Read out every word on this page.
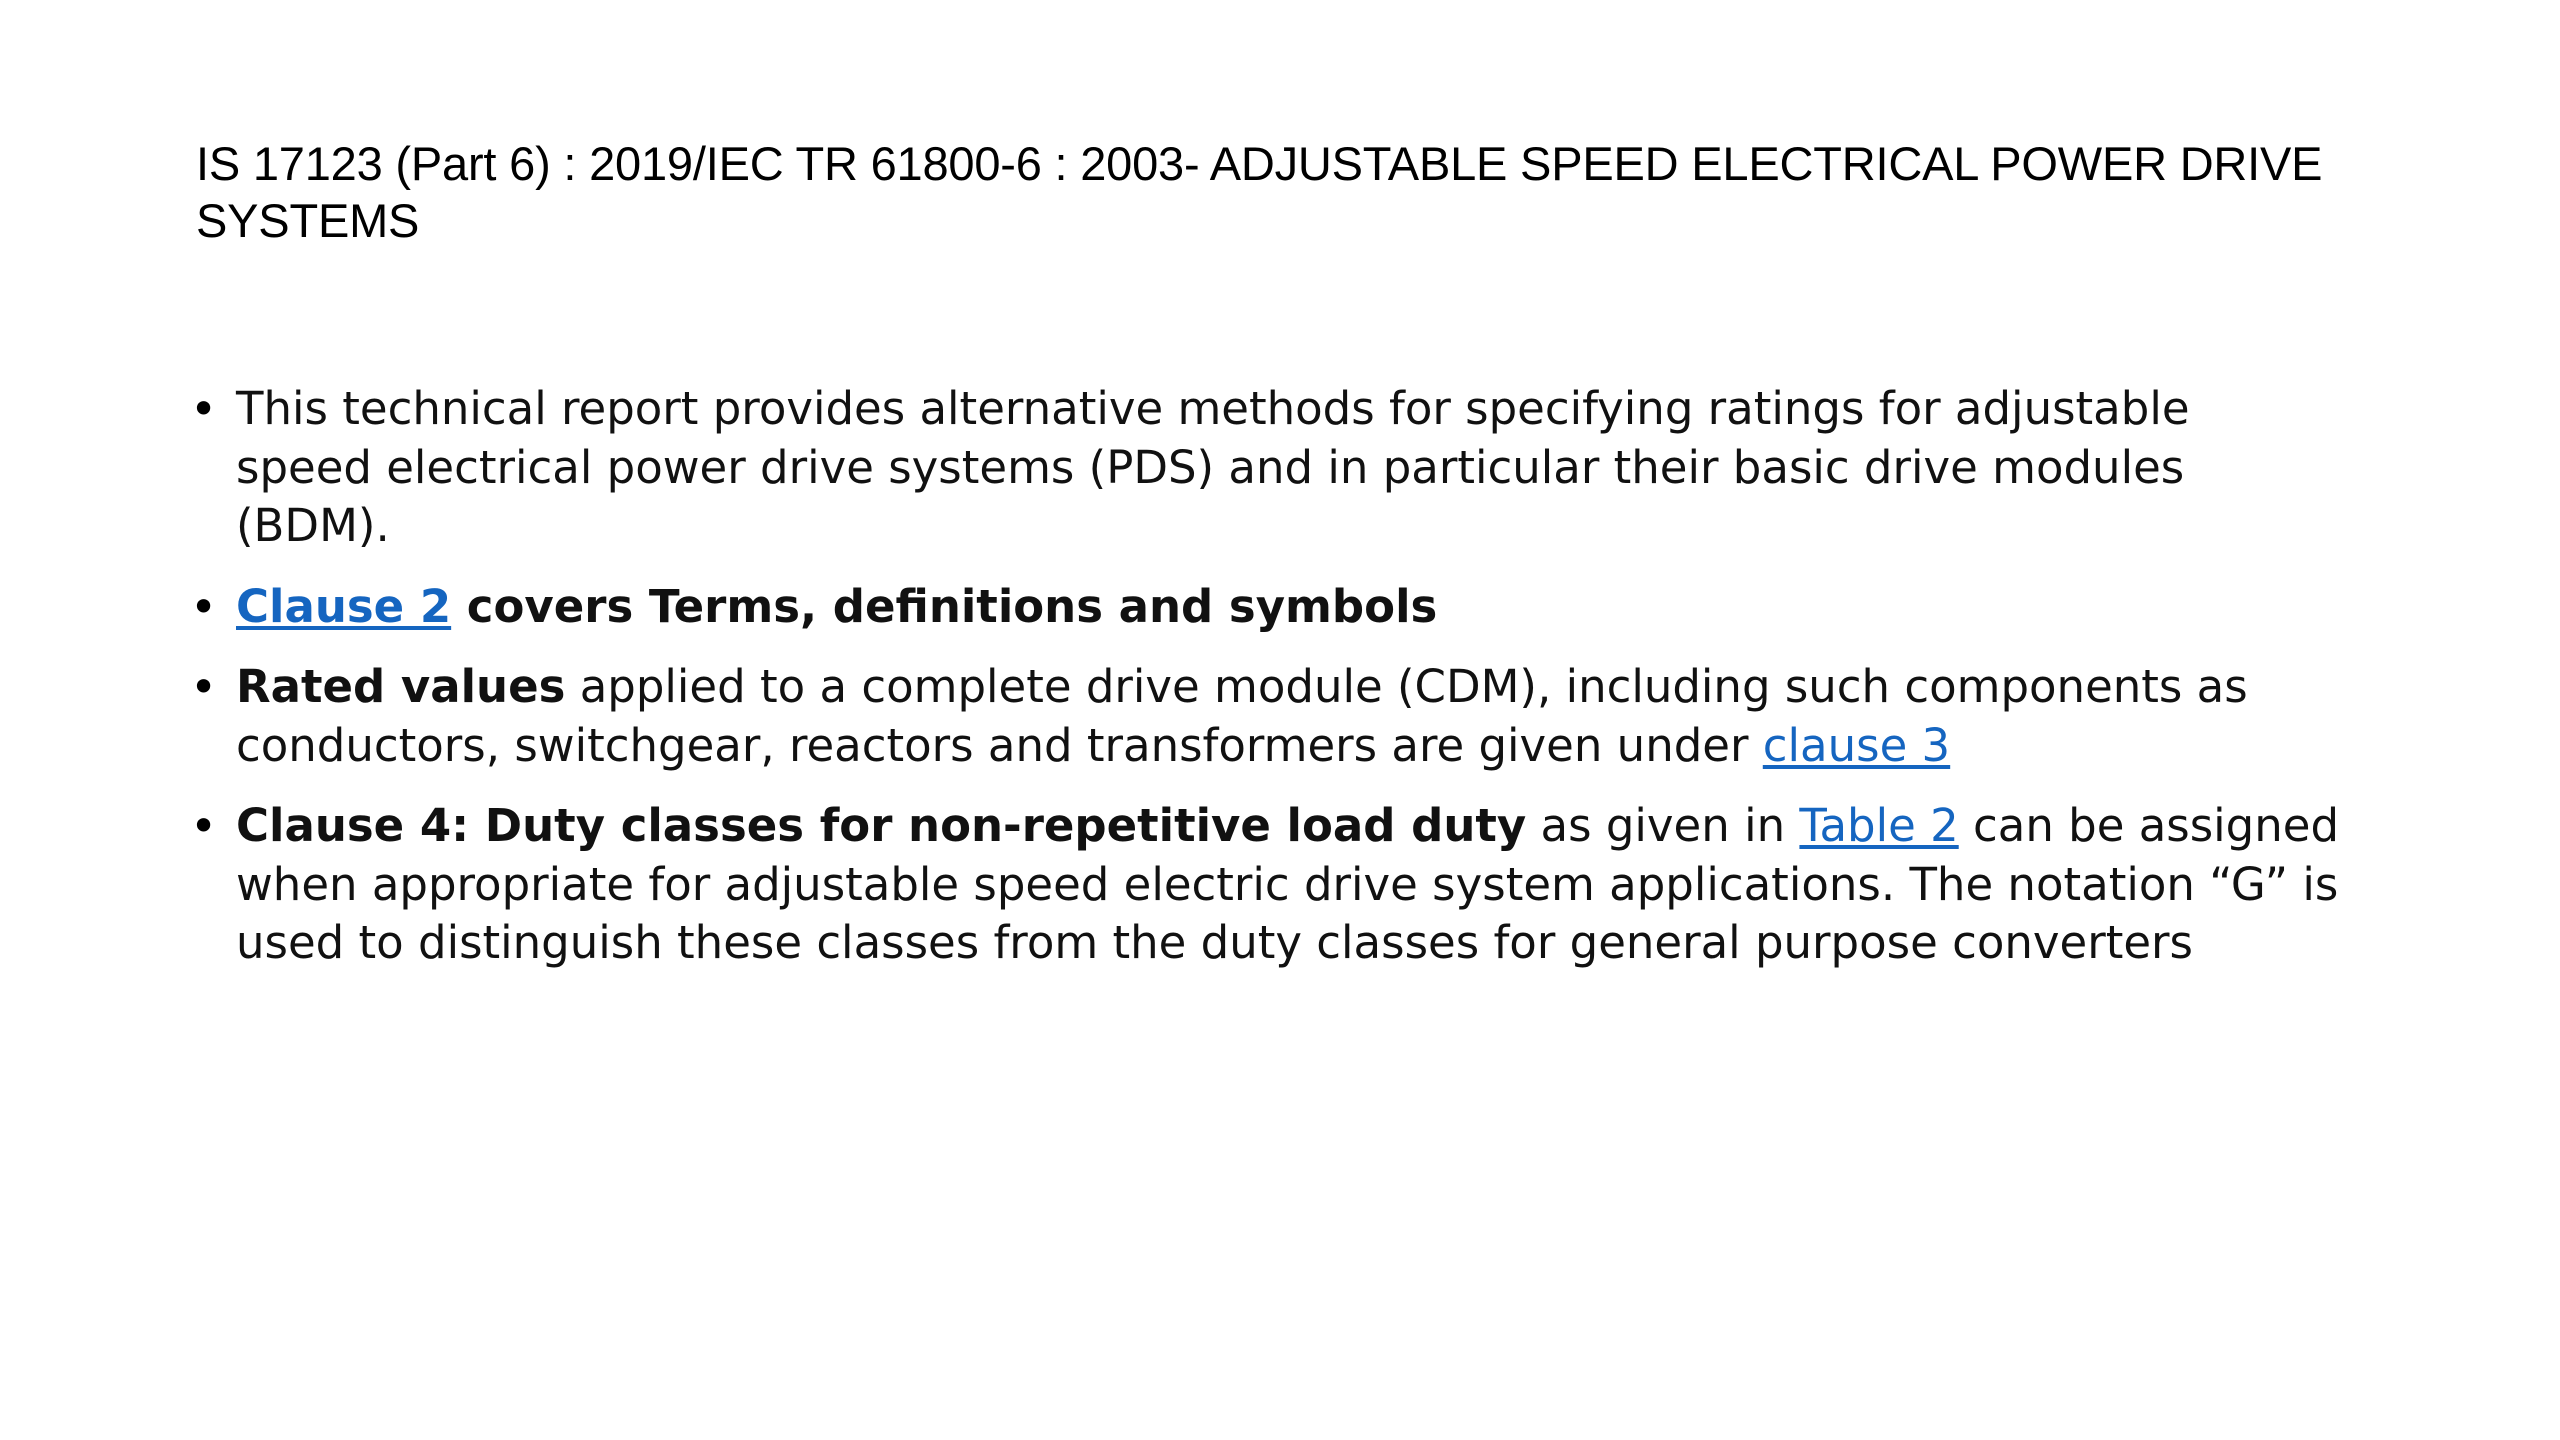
IS 17123 (Part 6) : 2019/IEC TR 61800-6 : 2003- ADJUSTABLE SPEED ELECTRICAL POWER DRIVE SYSTEMS
• This technical report provides alternative methods for specifying ratings for adjustable speed electrical power drive systems (PDS) and in particular their basic drive modules (BDM).
• Clause 2 covers Terms, definitions and symbols
• Rated values applied to a complete drive module (CDM), including such components as conductors, switchgear, reactors and transformers are given under clause 3
• Clause 4: Duty classes for non-repetitive load duty as given in Table 2 can be assigned when appropriate for adjustable speed electric drive system applications. The notation “G” is used to distinguish these classes from the duty classes for general purpose converters
